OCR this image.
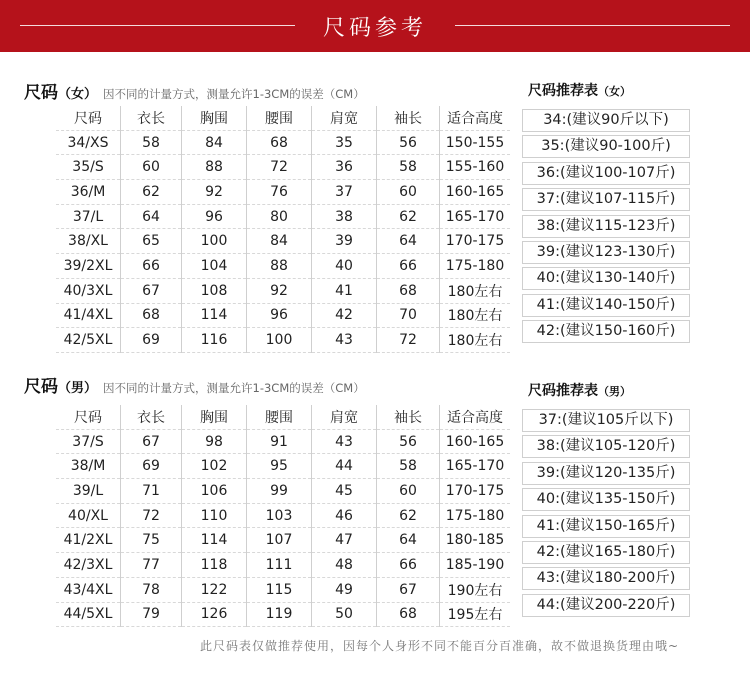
尺码参考
尺码（女） 因不同的计量方式，测量允许1-3CM的误差（CM）
尺码	衣长	胸围	腰围	肩宽	袖长	适合高度
34/XS	58	84	68	35	56	150-155
35/S	60	88	72	36	58	155-160
36/M	62	92	76	37	60	160-165
37/L	64	96	80	38	62	165-170
38/XL	65	100	84	39	64	170-175
39/2XL	66	104	88	40	66	175-180
40/3XL	67	108	92	41	68	180左右
41/4XL	68	114	96	42	70	180左右
42/5XL	69	116	100	43	72	180左右
尺码推荐表（女）
34:(建议90斤以下)
35:(建议90-100斤)
36:(建议100-107斤)
37:(建议107-115斤)
38:(建议115-123斤)
39:(建议123-130斤)
40:(建议130-140斤)
41:(建议140-150斤)
42:(建议150-160斤)
尺码（男） 因不同的计量方式，测量允许1-3CM的误差（CM）
尺码	衣长	胸围	腰围	肩宽	袖长	适合高度
37/S	67	98	91	43	56	160-165
38/M	69	102	95	44	58	165-170
39/L	71	106	99	45	60	170-175
40/XL	72	110	103	46	62	175-180
41/2XL	75	114	107	47	64	180-185
42/3XL	77	118	111	48	66	185-190
43/4XL	78	122	115	49	67	190左右
44/5XL	79	126	119	50	68	195左右
尺码推荐表（男）
37:(建议105斤以下)
38:(建议105-120斤)
39:(建议120-135斤)
40:(建议135-150斤)
41:(建议150-165斤)
42:(建议165-180斤)
43:(建议180-200斤)
44:(建议200-220斤)
此尺码表仅做推荐使用，因每个人身形不同不能百分百准确，故不做退换货理由哦~
